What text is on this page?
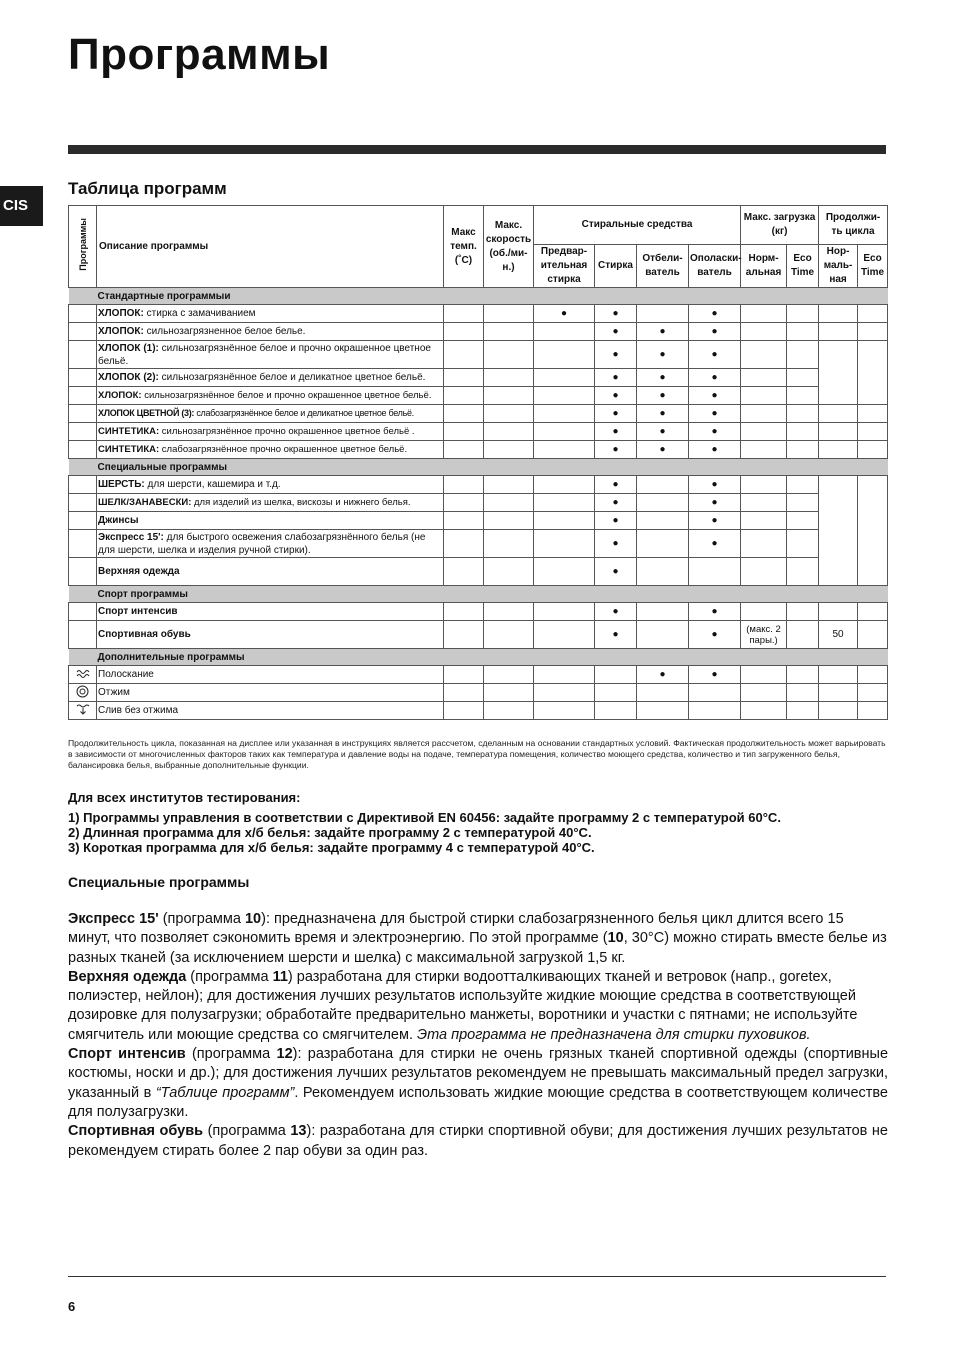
Программы
CIS
Таблица программ
Программы	Описание программы	Макс темп. (˚С)	Макс. скорость (об./ми- н.)	Стиральные средства				Макс. загрузка (кг)		Продолжи- ть цикла	
				Предвар- ительная стирка	Стирка	Отбели- ватель	Ополаски- ватель	Норм- альная	Eco Time	Нор- маль- ная	Eco Time
	Стандартные программыи										
	ХЛОПОК: стирка с замачиванием			●	●		●				
	ХЛОПОК: сильнозагрязненное белое белье.				●	●	●				
	ХЛОПОК (1): сильнозагрязнённое белое и прочно окрашенное цветное бельё.				●	●	●				
	ХЛОПОК (2): сильнозагрязнённое белое и деликатное цветное бельё.				●	●	●				
	ХЛОПОК: сильнозагрязнённое белое и прочно окрашенное цветное бельё.				●	●	●				
	ХЛОПОК ЦВЕТНОЙ (3): слабозагрязнённое белое и деликатное цветное бельё.				●	●	●				
	СИНТЕТИКА: сильнозагрязнённое прочно окрашенное цветное бельё .				●	●	●				
	СИНТЕТИКА: слабозагрязнённое прочно окрашенное цветное бельё.				●	●	●				
	Специальные программы										
	ШЕРСТЬ: для шерсти, кашемира и т.д.				●		●				
	ШЕЛК/ЗАНАВЕСКИ: для изделий из шелка, вискозы и нижнего белья.				●		●				
	Джинсы				●		●				
	Экспресс 15': для быстрого освежения слабозагрязнённого белья (не для шерсти, шелка и изделия ручной стирки).				●		●				
	Верхняя одежда				●						
	Спорт программы										
	Спорт интенсив				●		●				
	Спортивная обувь				●		●	(макс. 2 пары.)		50	
	Дополнительные программы										
	Полоскание					●	●				
	Отжим										
	Слив без отжима										
Продолжительность цикла, показанная на дисплее или указанная в инструкциях является рассчетом, сделанным на основании стандартных условий. Фактическая продолжительность может варьировать в зависимости от многочисленных факторов таких как температура и давление воды на подаче, температура помещения, количество моющего средства, количество и тип загруженного белья, балансировка белья, выбранные дополнительные функции.
Для всех институтов тестирования:
1) Программы управления в соответствии с Директивой EN 60456: задайте программу 2 с температурой 60°C.
2) Длинная программа для х/б белья: задайте программу 2 с температурой 40°C.
3) Короткая программа для х/б белья: задайте программу 4 с температурой 40°C.
Специальные программы

Экспресс 15' (программа 10): предназначена для быстрой стирки слабозагрязненного белья цикл длится всего 15 минут, что позволяет сэкономить время и электроэнергию. По этой программе (10, 30°C) можно стирать вместе белье из разных тканей (за исключением шерсти и шелка) с максимальной загрузкой 1,5 кг.

Верхняя одежда (программа 11) разработана для стирки водоотталкивающих тканей и ветровок (напр., goretex, полиэстер, нейлон); для достижения лучших результатов используйте жидкие моющие средства в соответствующей дозировке для полузагрузки; обработайте предварительно манжеты, воротники и участки с пятнами; не используйте смягчитель или моющие средства со смягчителем. Эта программа не предназначена для стирки пуховиков.

Спорт интенсив (программа 12): разработана для стирки не очень грязных тканей спортивной одежды (спортивные костюмы, носки и др.); для достижения лучших результатов рекомендуем не превышать максимальный предел загрузки, указанный в “Таблице программ”. Рекомендуем использовать жидкие моющие средства в соответствующем количестве для полузагрузки.

Спортивная обувь (программа 13): разработана для стирки спортивной обуви; для достижения лучших результатов не рекомендуем стирать более 2 пар обуви за один раз.

6
